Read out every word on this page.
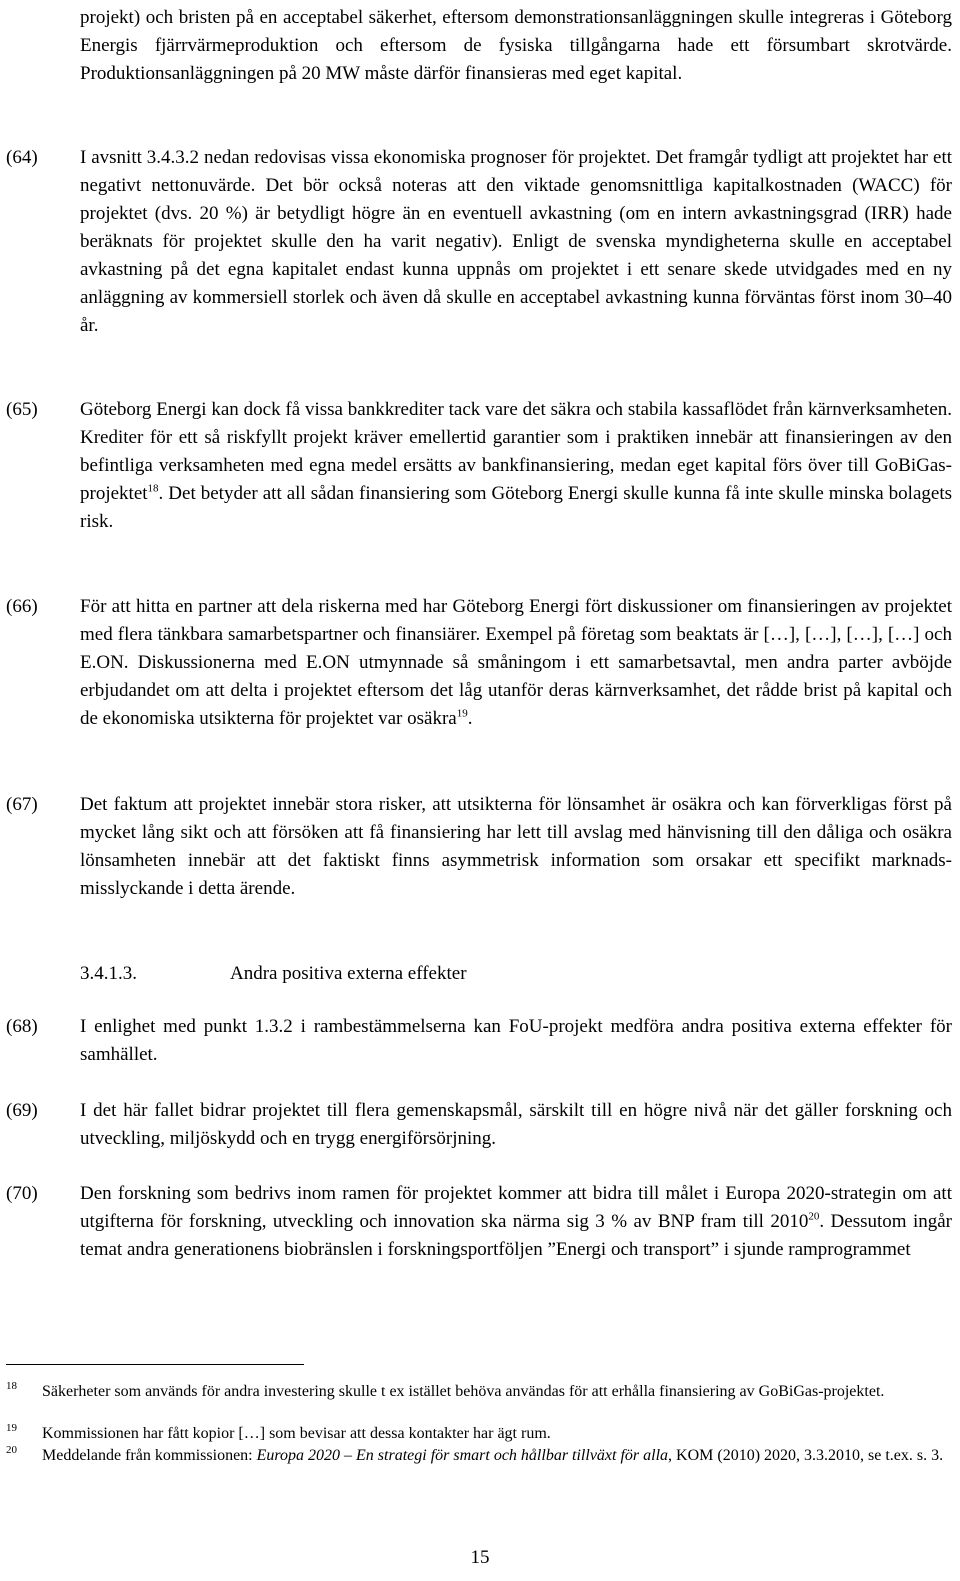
projekt) och bristen på en acceptabel säkerhet, eftersom demonstrationsanläggningen skulle integreras i Göteborg Energis fjärrvärmeproduktion och eftersom de fysiska tillgångarna hade ett försumbart skrotvärde. Produktionsanläggningen på 20 MW måste därför finansieras med eget kapital.
(64) I avsnitt 3.4.3.2 nedan redovisas vissa ekonomiska prognoser för projektet. Det framgår tydligt att projektet har ett negativt nettonuvärde. Det bör också noteras att den viktade genomsnittliga kapitalkostnaden (WACC) för projektet (dvs. 20 %) är betydligt högre än en eventuell avkastning (om en intern avkastningsgrad (IRR) hade beräknats för projektet skulle den ha varit negativ). Enligt de svenska myndigheterna skulle en acceptabel avkastning på det egna kapitalet endast kunna uppnås om projektet i ett senare skede utvidgades med en ny anläggning av kommersiell storlek och även då skulle en acceptabel avkastning kunna förväntas först inom 30–40 år.
(65) Göteborg Energi kan dock få vissa bankkrediter tack vare det säkra och stabila kassaflödet från kärnverksamheten. Krediter för ett så riskfyllt projekt kräver emellertid garantier som i praktiken innebär att finansieringen av den befintliga verksamheten med egna medel ersätts av bankfinansiering, medan eget kapital förs över till GoBiGas-projektet$^{18}$. Det betyder att all sådan finansiering som Göteborg Energi skulle kunna få inte skulle minska bolagets risk.
(66) För att hitta en partner att dela riskerna med har Göteborg Energi fört diskussioner om finansieringen av projektet med flera tänkbara samarbetspartner och finansiärer. Exempel på företag som beaktats är […], […], […], […] och E.ON. Diskussionerna med E.ON utmynnade så småningom i ett samarbetsavtal, men andra parter avböjde erbjudandet om att delta i projektet eftersom det låg utanför deras kärnverksamhet, det rådde brist på kapital och de ekonomiska utsikterna för projektet var osäkra$^{19}$.
(67) Det faktum att projektet innebär stora risker, att utsikterna för lönsamhet är osäkra och kan förverkligas först på mycket lång sikt och att försöken att få finansiering har lett till avslag med hänvisning till den dåliga och osäkra lönsamheten innebär att det faktiskt finns asymmetrisk information som orsakar ett specifikt marknads-misslyckande i detta ärende.
3.4.1.3.	Andra positiva externa effekter
(68) I enlighet med punkt 1.3.2 i rambestämmelserna kan FoU-projekt medföra andra positiva externa effekter för samhället.
(69) I det här fallet bidrar projektet till flera gemenskapsmål, särskilt till en högre nivå när det gäller forskning och utveckling, miljöskydd och en trygg energiförsörjning.
(70) Den forskning som bedrivs inom ramen för projektet kommer att bidra till målet i Europa 2020-strategin om att utgifterna för forskning, utveckling och innovation ska närma sig 3 % av BNP fram till 2010$^{20}$. Dessutom ingår temat andra generationens biobränslen i forskningsportföljen ”Energi och transport” i sjunde ramprogrammet
18 Säkerheter som används för andra investering skulle t ex istället behöva användas för att erhålla finansiering av GoBiGas-projektet.
19 Kommissionen har fått kopior […] som bevisar att dessa kontakter har ägt rum.
20 Meddelande från kommissionen: Europa 2020 – En strategi för smart och hållbar tillväxt för alla, KOM (2010) 2020, 3.3.2010, se t.ex. s. 3.
15
